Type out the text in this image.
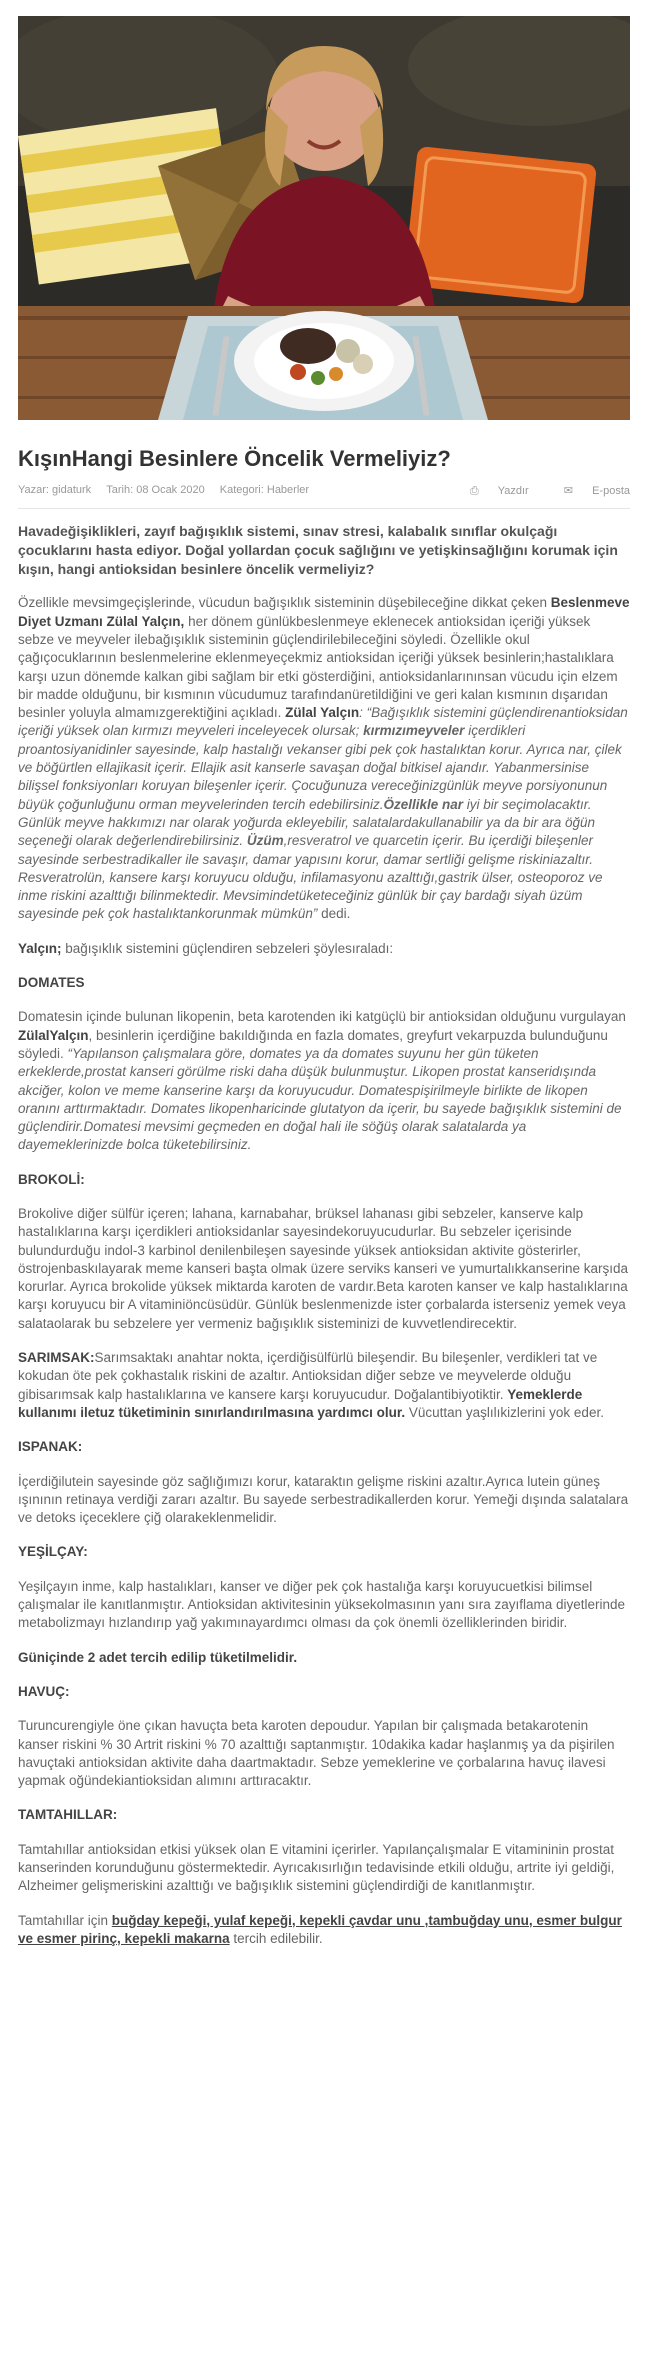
KışınHangi Besinlere Öncelik Vermeliyiz?
Yazar: gidaturk Tarih: 08 Ocak 2020 Kategori: Haberler	⎙ Yazdır	✉ E-posta

Havadeğişiklikleri, zayıf bağışıklık sistemi, sınav stresi, kalabalık sınıflar okulçağı çocuklarını hasta ediyor. Doğal yollardan çocuk sağlığını ve yetişkinsağlığını korumak için kışın, hangi antioksidan besinlere öncelik vermeliyiz?

Özellikle mevsimgeçişlerinde, vücudun bağışıklık sisteminin düşebileceğine dikkat çeken Beslenmeve Diyet Uzmanı Zülal Yalçın, her dönem günlükbeslenmeye eklenecek antioksidan içeriği yüksek sebze ve meyveler ilebağışıklık sisteminin güçlendirilebileceğini söyledi. Özellikle okul çağıçocuklarının beslenmelerine eklenmeyeçekmiz antioksidan içeriği yüksek besinlerin;hastalıklara karşı uzun dönemde kalkan gibi sağlam bir etki gösterdiğini, antioksidanlarınınsan vücudu için elzem bir madde olduğunu, bir kısmının vücudumuz tarafındanüretildiğini ve geri kalan kısmının dışarıdan besinler yoluyla almamızgerektiğini açıkladı. Zülal Yalçın: “Bağışıklık sistemini güçlendirenantioksidan içeriği yüksek olan kırmızı meyveleri inceleyecek olursak; kırmızımeyveler içerdikleri proantosiyanidinler sayesinde, kalp hastalığı vekanser gibi pek çok hastalıktan korur. Ayrıca nar, çilek ve böğürtlen ellajikasit içerir. Ellajik asit kanserle savaşan doğal bitkisel ajandır. Yabanmersinise bilişsel fonksiyonları koruyan bileşenler içerir. Çocuğunuza vereceğinizgünlük meyve porsiyonunun büyük çoğunluğunu orman meyvelerinden tercih edebilirsiniz.Özellikle nar iyi bir seçimolacaktır. Günlük meyve hakkımızı nar olarak yoğurda ekleyebilir, salatalardakullanabilir ya da bir ara öğün seçeneği olarak değerlendirebilirsiniz. Üzüm,resveratrol ve quarcetin içerir. Bu içerdiği bileşenler sayesinde serbestradikaller ile savaşır, damar yapısını korur, damar sertliği gelişme riskiniazaltır. Resveratrolün, kansere karşı koruyucu olduğu, infilamasyonu azalttığı,gastrik ülser, osteoporoz ve inme riskini azalttığı bilinmektedir. Mevsimindetüketeceğiniz günlük bir çay bardağı siyah üzüm sayesinde pek çok hastalıktankorunmak mümkün” dedi.

Yalçın; bağışıklık sistemini güçlendiren sebzeleri şöylesıraladı:

DOMATES

Domatesin içinde bulunan likopenin, beta karotenden iki katgüçlü bir antioksidan olduğunu vurgulayan ZülalYalçın, besinlerin içerdiğine bakıldığında en fazla domates, greyfurt vekarpuzda bulunduğunu söyledi. “Yapılanson çalışmalara göre, domates ya da domates suyunu her gün tüketen erkeklerde,prostat kanseri görülme riski daha düşük bulunmuştur. Likopen prostat kanseridışında akciğer, kolon ve meme kanserine karşı da koruyucudur. Domatespişirilmeyle birlikte de likopen oranını arttırmaktadır. Domates likopenharicinde glutatyon da içerir, bu sayede bağışıklık sistemini de güçlendirir.Domatesi mevsimi geçmeden en doğal hali ile söğüş olarak salatalarda ya dayemeklerinizde bolca tüketebilirsiniz.

BROKOLİ:

Brokolive diğer sülfür içeren; lahana, karnabahar, brüksel lahanası gibi sebzeler, kanserve kalp hastalıklarına karşı içerdikleri antioksidanlar sayesindekoruyucudurlar. Bu sebzeler içerisinde bulundurduğu indol-3 karbinol denilenbileşen sayesinde yüksek antioksidan aktivite gösterirler, östrojenbaskılayarak meme kanseri başta olmak üzere serviks kanseri ve yumurtalıkkanserine karşıda korurlar. Ayrıca brokolide yüksek miktarda karoten de vardır.Beta karoten kanser ve kalp hastalıklarına karşı koruyucu bir A vitaminiöncüsüdür. Günlük beslenmenizde ister çorbalarda isterseniz yemek veya salataolarak bu sebzelere yer vermeniz bağışıklık sisteminizi de kuvvetlendirecektir.

SARIMSAK:Sarımsaktakı anahtar nokta, içerdiğisülfürlü bileşendir. Bu bileşenler, verdikleri tat ve kokudan öte pek çokhastalık riskini de azaltır. Antioksidan diğer sebze ve meyvelerde olduğu gibisarımsak kalp hastalıklarına ve kansere karşı koruyucudur. Doğalantibiyotiktir. Yemeklerde kullanımı iletuz tüketiminin sınırlandırılmasına yardımcı olur. Vücuttan yaşlılıkizlerini yok eder.

ISPANAK:

İçerdiğilutein sayesinde göz sağlığımızı korur, kataraktın gelişme riskini azaltır.Ayrıca lutein güneş ışınının retinaya verdiği zararı azaltır. Bu sayede serbestradikallerden korur. Yemeği dışında salatalara ve detoks içeceklere çiğ olarakeklenmelidir.

YEŞİLÇAY:

Yeşilçayın inme, kalp hastalıkları, kanser ve diğer pek çok hastalığa karşı koruyucuetkisi bilimsel çalışmalar ile kanıtlanmıştır. Antioksidan aktivitesinin yüksekolmasının yanı sıra zayıflama diyetlerinde metabolizmayı hızlandırıp yağ yakımınayardımcı olması da çok önemli özelliklerinden biridir.

Güniçinde 2 adet tercih edilip tüketilmelidir.

HAVUÇ:

Turuncurengiyle öne çıkan havuçta beta karoten depoudur. Yapılan bir çalışmada betakarotenin kanser riskini % 30 Artrit riskini % 70 azalttığı saptanmıştır. 10dakika kadar haşlanmış ya da pişirilen havuçtaki antioksidan aktivite daha daartmaktadır. Sebze yemeklerine ve çorbalarına havuç ilavesi yapmak oğündekiantioksidan alımını arttıracaktır.

TAMTAHILLAR:

Tamtahıllar antioksidan etkisi yüksek olan E vitamini içerirler. Yapılançalışmalar E vitamininin prostat kanserinden korunduğunu göstermektedir. Ayrıcakısırlığın tedavisinde etkili olduğu, artrite iyi geldiği, Alzheimer gelişmeriskini azalttığı ve bağışıklık sistemini güçlendirdiği de kanıtlanmıştır.

Tamtahıllar için buğday kepeği, yulaf kepeği, kepekli çavdar unu ,tambuğday unu, esmer bulgur ve esmer pirinç, kepekli makarna tercih edilebilir.
